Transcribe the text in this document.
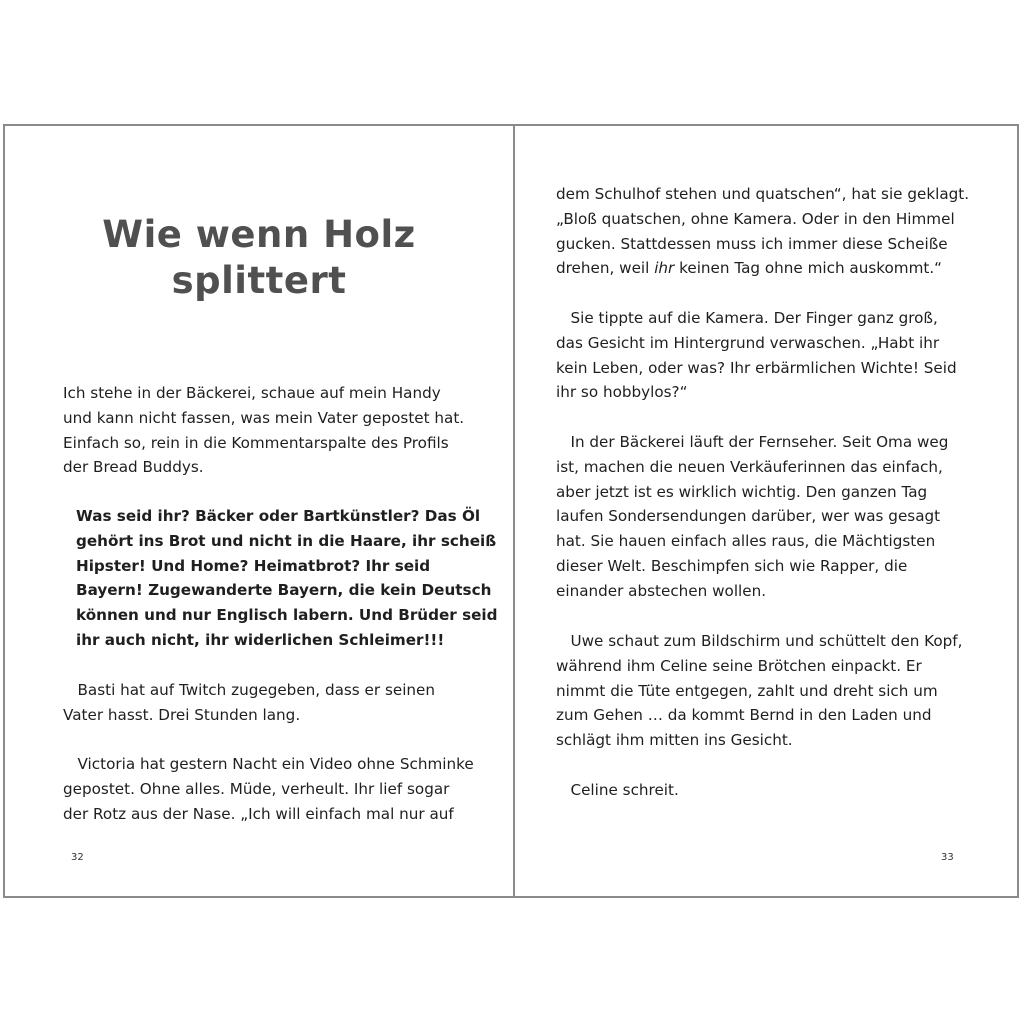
Wie wenn Holz
splittert

Ich stehe in der Bäckerei, schaue auf mein Handy
und kann nicht fassen, was mein Vater gepostet hat.
Einfach so, rein in die Kommentarspalte des Profils
der Bread Buddys.

Was seid ihr? Bäcker oder Bartkünstler? Das Öl
gehört ins Brot und nicht in die Haare, ihr scheiß
Hipster! Und Home? Heimatbrot? Ihr seid
Bayern! Zugewanderte Bayern, die kein Deutsch
können und nur Englisch labern. Und Brüder seid
ihr auch nicht, ihr widerlichen Schleimer!!!

Basti hat auf Twitch zugegeben, dass er seinen
Vater hasst. Drei Stunden lang.

Victoria hat gestern Nacht ein Video ohne Schminke
gepostet. Ohne alles. Müde, verheult. Ihr lief sogar
der Rotz aus der Nase. „Ich will einfach mal nur auf

32

dem Schulhof stehen und quatschen“, hat sie geklagt.
„Bloß quatschen, ohne Kamera. Oder in den Himmel
gucken. Stattdessen muss ich immer diese Scheiße
drehen, weil ihr keinen Tag ohne mich auskommt.“

Sie tippte auf die Kamera. Der Finger ganz groß,
das Gesicht im Hintergrund verwaschen. „Habt ihr
kein Leben, oder was? Ihr erbärmlichen Wichte! Seid
ihr so hobbylos?“

In der Bäckerei läuft der Fernseher. Seit Oma weg
ist, machen die neuen Verkäuferinnen das einfach,
aber jetzt ist es wirklich wichtig. Den ganzen Tag
laufen Sondersendungen darüber, wer was gesagt
hat. Sie hauen einfach alles raus, die Mächtigsten
dieser Welt. Beschimpfen sich wie Rapper, die
einander abstechen wollen.

Uwe schaut zum Bildschirm und schüttelt den Kopf,
während ihm Celine seine Brötchen einpackt. Er
nimmt die Tüte entgegen, zahlt und dreht sich um
zum Gehen … da kommt Bernd in den Laden und
schlägt ihm mitten ins Gesicht.

Celine schreit.

33
